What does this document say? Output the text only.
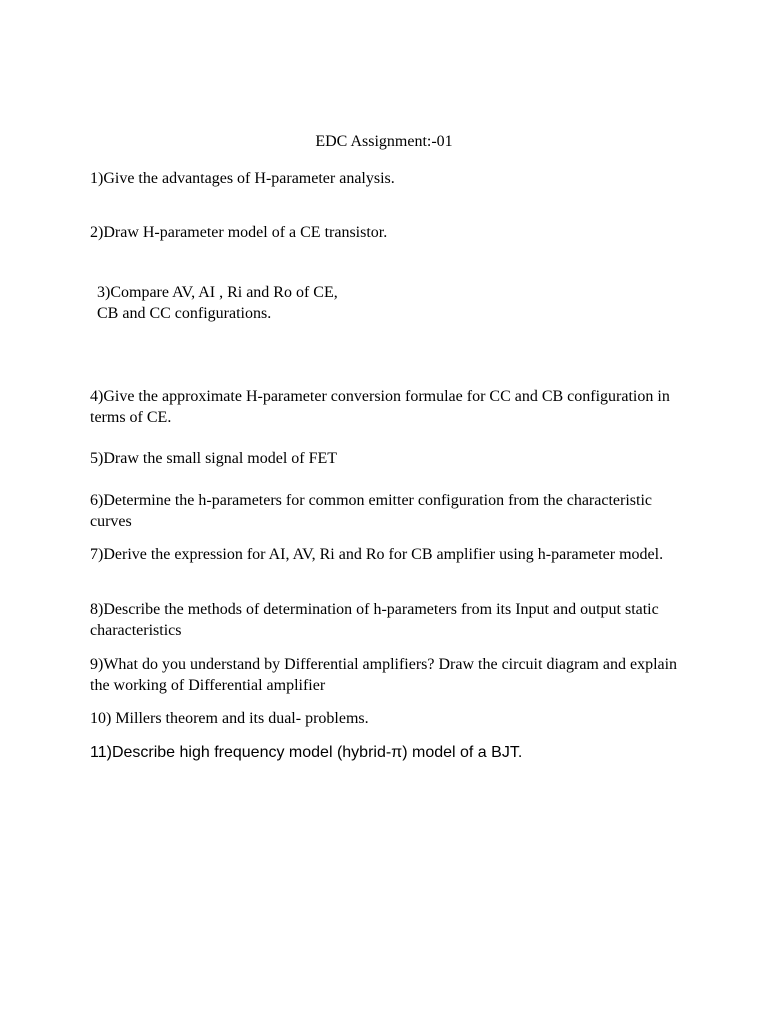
EDC Assignment:-01

1)Give the advantages of H-parameter analysis.

2)Draw H-parameter model of a CE transistor.

3)Compare AV, AI , Ri and Ro of CE, CB and CC configurations.

4)Give the approximate H-parameter conversion formulae for CC and CB configuration in terms of CE.

5)Draw the small signal model of FET

6)Determine the h-parameters for common emitter configuration from the characteristic curves

7)Derive the expression for AI, AV, Ri and Ro for CB amplifier using h-parameter model.

8)Describe the methods of determination of h-parameters from its Input and output static characteristics

9)What do you understand by Differential amplifiers? Draw the circuit diagram and explain the working of Differential amplifier

10) Millers theorem and its dual- problems.

11)Describe high frequency model (hybrid-π) model of a BJT.
